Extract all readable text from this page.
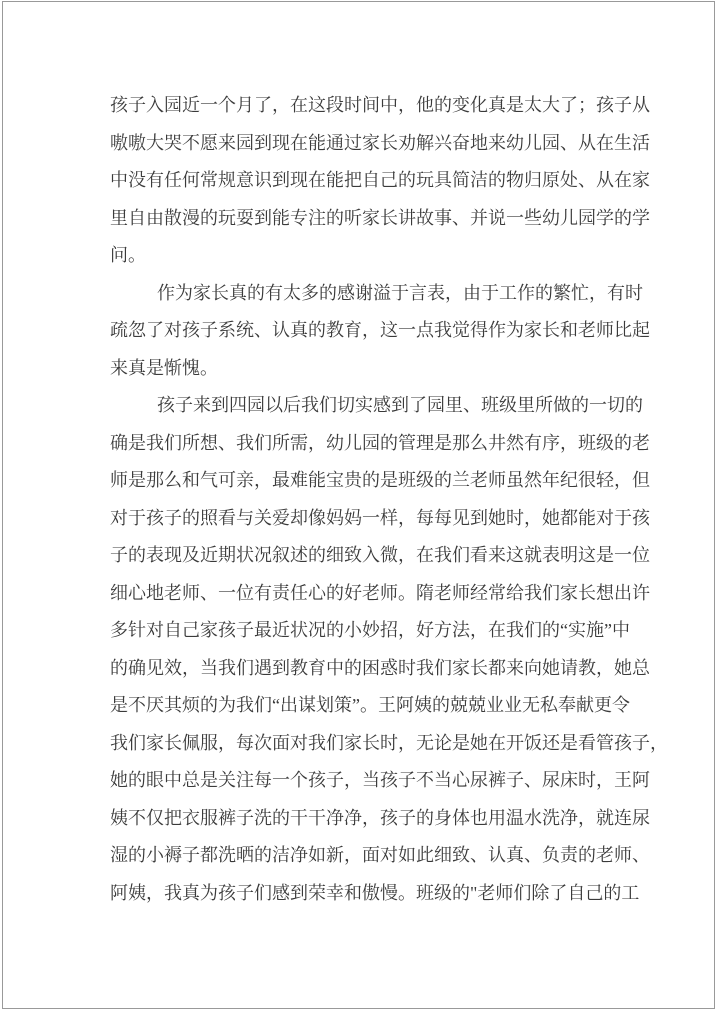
孩子入园近一个月了，在这段时间中，他的变化真是太大了；孩子从
嗷嗷大哭不愿来园到现在能通过家长劝解兴奋地来幼儿园、从在生活
中没有任何常规意识到现在能把自己的玩具简洁的物归原处、从在家
里自由散漫的玩耍到能专注的听家长讲故事、并说一些幼儿园学的学
问。
作为家长真的有太多的感谢溢于言表，由于工作的繁忙，有时
疏忽了对孩子系统、认真的教育，这一点我觉得作为家长和老师比起
来真是惭愧。
孩子来到四园以后我们切实感到了园里、班级里所做的一切的
确是我们所想、我们所需，幼儿园的管理是那么井然有序，班级的老
师是那么和气可亲，最难能宝贵的是班级的兰老师虽然年纪很轻，但
对于孩子的照看与关爱却像妈妈一样，每每见到她时，她都能对于孩
子的表现及近期状况叙述的细致入微，在我们看来这就表明这是一位
细心地老师、一位有责任心的好老师。隋老师经常给我们家长想出许
多针对自己家孩子最近状况的小妙招，好方法，在我们的“实施”中
的确见效，当我们遇到教育中的困惑时我们家长都来向她请教，她总
是不厌其烦的为我们“出谋划策”。王阿姨的兢兢业业无私奉献更令
我们家长佩服，每次面对我们家长时，无论是她在开饭还是看管孩子，
她的眼中总是关注每一个孩子，当孩子不当心尿裤子、尿床时，王阿
姨不仅把衣服裤子洗的干干净净，孩子的身体也用温水洗净，就连尿
湿的小褥子都洗晒的洁净如新，面对如此细致、认真、负责的老师、
阿姨，我真为孩子们感到荣幸和傲慢。班级的"老师们除了自己的工
